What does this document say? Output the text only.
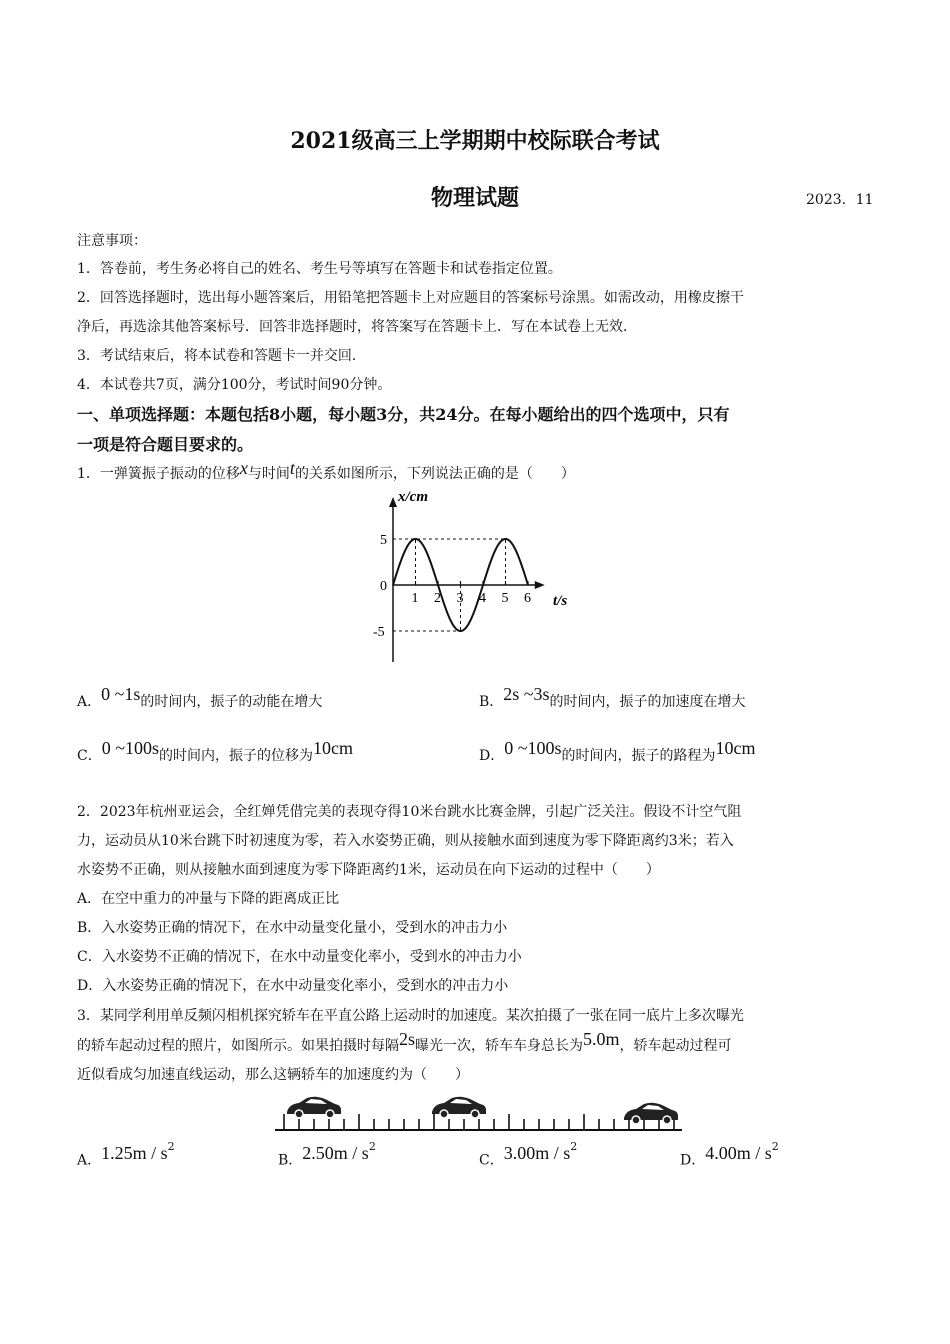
2021级高三上学期期中校际联合考试
物理试题	2023．11
注意事项：
1．答卷前，考生务必将自己的姓名、考生号等填写在答题卡和试卷指定位置。
2．回答选择题时，选出每小题答案后，用铅笔把答题卡上对应题目的答案标号涂黑。如需改动，用橡皮擦干
净后，再选涂其他答案标号．回答非选择题时，将答案写在答题卡上．写在本试卷上无效．
3．考试结束后，将本试卷和答题卡一并交回．
4．本试卷共7页，满分100分，考试时间90分钟。
一、单项选择题：本题包括8小题，每小题3分，共24分。在每小题给出的四个选项中，只有
一项是符合题目要求的。
1．一弹簧振子振动的位移x与时间t的关系如图所示，下列说法正确的是（　　）
x/cm
t/s
5
0
-5
1 2 3 4 5 6
A．0 ~1s的时间内，振子的动能在增大	B．2s ~3s的时间内，振子的加速度在增大
C．0 ~100s的时间内，振子的位移为10cm	D．0 ~100s的时间内，振子的路程为10cm
2．2023年杭州亚运会，全红婵凭借完美的表现夺得10米台跳水比赛金牌，引起广泛关注。假设不计空气阻
力，运动员从10米台跳下时初速度为零，若入水姿势正确，则从接触水面到速度为零下降距离约3米；若入
水姿势不正确，则从接触水面到速度为零下降距离约1米，运动员在向下运动的过程中（　　）
A．在空中重力的冲量与下降的距离成正比
B．入水姿势正确的情况下，在水中动量变化量小，受到水的冲击力小
C．入水姿势不正确的情况下，在水中动量变化率小，受到水的冲击力小
D．入水姿势正确的情况下，在水中动量变化率小，受到水的冲击力小
3．某同学利用单反频闪相机探究轿车在平直公路上运动时的加速度。某次拍摄了一张在同一底片上多次曝光
的轿车起动过程的照片，如图所示。如果拍摄时每隔2s曝光一次，轿车车身总长为5.0m，轿车起动过程可
近似看成匀加速直线运动，那么这辆轿车的加速度约为（　　）
A．$1.25m / s^2$
B．$2.50m / s^2$
C．$3.00m / s^2$
D．$4.00m / s^2$
